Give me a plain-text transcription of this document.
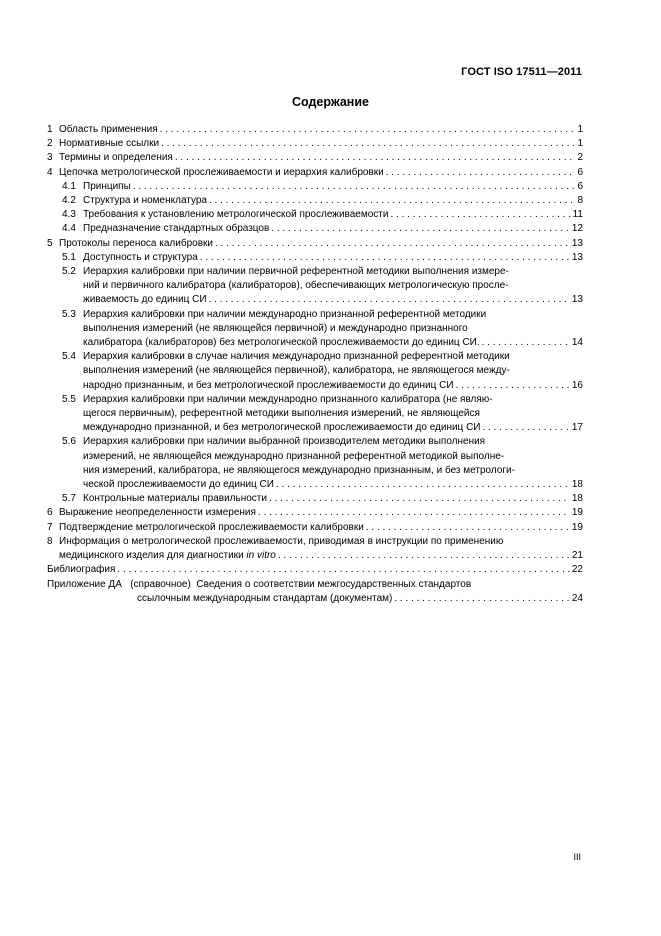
ГОСТ ISO 17511—2011
Содержание
1 Область применения . . .	1
2 Нормативные ссылки . . .	1
3 Термины и определения . . .	2
4 Цепочка метрологической прослеживаемости и иерархия калибровки . . .	6
4.1 Принципы . . .	6
4.2 Структура и номенклатура . . .	8
4.3 Требования к установлению метрологической прослеживаемости . . .	11
4.4 Предназначение стандартных образцов . . .	12
5 Протоколы переноса калибровки . . .	13
5.1 Доступность и структура . . .	13
5.2 Иерархия калибровки при наличии первичной референтной методики выполнения измере-
ний и первичного калибратора (калибраторов), обеспечивающих метрологическую просле-
живаемость до единиц СИ . . .	13
5.3 Иерархия калибровки при наличии международно признанной референтной методики
выполнения измерений (не являющейся первичной) и международно признанного
калибратора (калибраторов) без метрологической прослеживаемости до единиц СИ. . . .	14
5.4 Иерархия калибровки в случае наличия международно признанной референтной методики
выполнения измерений (не являющейся первичной), калибратора, не являющегося между-
народно признанным, и без метрологической прослеживаемости до единиц СИ . . .	16
5.5 Иерархия калибровки при наличии международно признанного калибратора (не являю-
щегося первичным), референтной методики выполнения измерений, не являющейся
международно признанной, и без метрологической прослеживаемости до единиц СИ . . .	17
5.6 Иерархия калибровки при наличии выбранной производителем методики выполнения
измерений, не являющейся международно признанной референтной методикой выполне-
ния измерений, калибратора, не являющегося международно признанным, и без метрологи-
ческой прослеживаемости до единиц СИ . . .	18
5.7 Контрольные материалы правильности . . .	18
6 Выражение неопределенности измерения . . .	19
7 Подтверждение метрологической прослеживаемости калибровки . . .	19
8 Информация о метрологической прослеживаемости, приводимая в инструкции по применению
медицинского изделия для диагностики
in vitro . . .	21
Библиография . . .	22
Приложение ДА (справочное) Сведения о соответствии межгосударственных стандартов
ссылочным международным стандартам (документам) . . .	24
III
